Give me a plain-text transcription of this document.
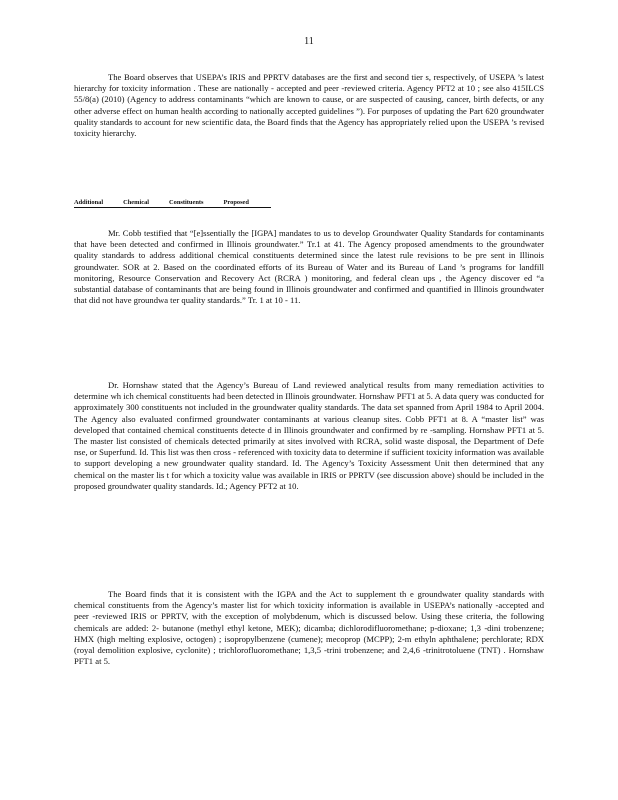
11

The Board observes that USEPA’s IRIS and PPRTV databases are the first and second tier s, respectively, of USEPA ’s latest hierarchy for toxicity information . These are nationally - accepted and peer -reviewed criteria. Agency PFT2 at 10 ; see also 415ILCS 55/8(a) (2010) (Agency to address contaminants “which are known to cause, or are suspected of causing, cancer, birth defects, or any other adverse effect on human health according to nationally accepted guidelines ”). For purposes of updating the Part 620 groundwater quality standards to account for new scientific data, the Board finds that the Agency has appropriately relied upon the USEPA ’s revised toxicity hierarchy.

Additional	Chemical	Constituents	Proposed

Mr. Cobb testified that “[e]ssentially the [IGPA] mandates to us to develop Groundwater Quality Standards for contaminants that have been detected and confirmed in Illinois groundwater.” Tr.1 at 41. The Agency proposed amendments to the groundwater quality standards to address additional chemical constituents determined since the latest rule revisions to be pre sent in Illinois groundwater. SOR at 2. Based on the coordinated efforts of its Bureau of Water and its Bureau of Land ’s programs for landfill monitoring, Resource Conservation and Recovery Act (RCRA ) monitoring, and federal clean ups , the Agency discover ed “a substantial database of contaminants that are being found in Illinois groundwater and confirmed and quantified in Illinois groundwater that did not have groundwa ter quality standards.” Tr. 1 at 10 - 11.

Dr. Hornshaw stated that the Agency’s Bureau of Land reviewed analytical results from many remediation activities to determine wh ich chemical constituents had been detected in Illinois groundwater. Hornshaw PFT1 at 5. A data query was conducted for approximately 300 constituents not included in the groundwater quality standards. The data set spanned from April 1984 to April 2004. The Agency also evaluated confirmed groundwater contaminants at various cleanup sites. Cobb PFT1 at 8. A “master list” was developed that contained chemical constituents detecte d in Illinois groundwater and confirmed by re -sampling. Hornshaw PFT1 at 5. The master list consisted of chemicals detected primarily at sites involved with RCRA, solid waste disposal, the Department of Defe nse, or Superfund. Id. This list was then cross - referenced with toxicity data to determine if sufficient toxicity information was available to support developing a new groundwater quality standard. Id. The Agency’s Toxicity Assessment Unit then determined that any chemical on the master lis t for which a toxicity value was available in IRIS or PPRTV (see discussion above) should be included in the proposed groundwater quality standards. Id.; Agency PFT2 at 10.

The Board finds that it is consistent with the IGPA and the Act to supplement th e groundwater quality standards with chemical constituents from the Agency’s master list for which toxicity information is available in USEPA’s nationally -accepted and peer -reviewed IRIS or PPRTV, with the exception of molybdenum, which is discussed below. Using these criteria, the following chemicals are added: 2- butanone (methyl ethyl ketone, MEK); dicamba; dichlorodifluoromethane; p-dioxane; 1,3 -dini trobenzene; HMX (high melting explosive, octogen) ; isopropylbenzene (cumene); mecoprop (MCPP); 2-m ethyln aphthalene; perchlorate; RDX (royal demolition explosive, cyclonite) ; trichlorofluoromethane; 1,3,5 -trini trobenzene; and 2,4,6 -trinitrotoluene (TNT) . Hornshaw PFT1 at 5.
